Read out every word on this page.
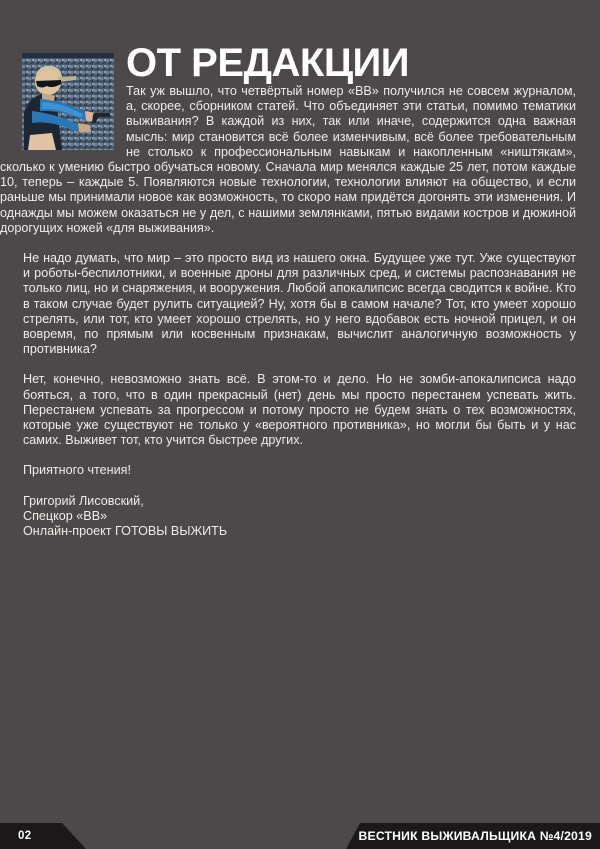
ОТ РЕДАКЦИИ

Так уж вышло, что четвёртый номер «ВВ» получился не совсем журналом, а, скорее, сборником статей. Что объединяет эти статьи, помимо тематики выживания? В каждой из них, так или иначе, содержится одна важная мысль: мир становится всё более изменчивым, всё более требовательным не столько к профессиональным навыкам и накопленным «ништякам», сколько к умению быстро обучаться новому. Сначала мир менялся каждые 25 лет, потом каждые 10, теперь – каждые 5. Появляются новые технологии, технологии влияют на общество, и если раньше мы принимали новое как возможность, то скоро нам придётся догонять эти изменения. И однажды мы можем оказаться не у дел, с нашими землянками, пятью видами костров и дюжиной дорогущих ножей «для выживания».

Не надо думать, что мир – это просто вид из нашего окна. Будущее уже тут. Уже существуют и роботы-беспилотники, и военные дроны для различных сред, и системы распознавания не только лиц, но и снаряжения, и вооружения. Любой апокалипсис всегда сводится к войне. Кто в таком случае будет рулить ситуацией? Ну, хотя бы в самом начале? Тот, кто умеет хорошо стрелять, или тот, кто умеет хорошо стрелять, но у него вдобавок есть ночной прицел, и он вовремя, по прямым или косвенным признакам, вычислит аналогичную возможность у противника?

Нет, конечно, невозможно знать всё. В этом-то и дело. Но не зомби-апокалипсиса надо бояться, а того, что в один прекрасный (нет) день мы просто перестанем успевать жить. Перестанем успевать за прогрессом и потому просто не будем знать о тех возможностях, которые уже существуют не только у «вероятного противника», но могли бы быть и у нас самих. Выживет тот, кто учится быстрее других.

Приятного чтения!

Григорий Лисовский,
Спецкор «ВВ»
Онлайн-проект ГОТОВЫ ВЫЖИТЬ
02	ВЕСТНИК ВЫЖИВАЛЬЩИКА №4/2019
